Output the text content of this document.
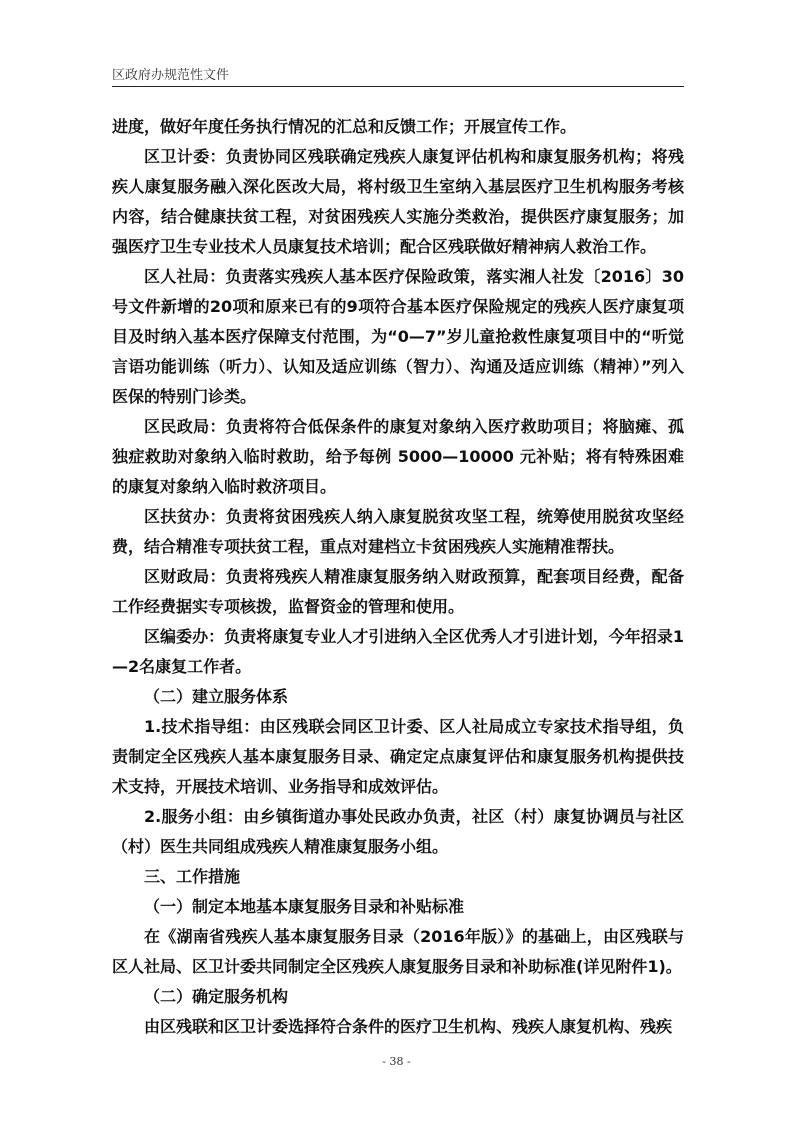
区政府办规范性文件

进度，做好年度任务执行情况的汇总和反馈工作；开展宣传工作。

区卫计委：负责协同区残联确定残疾人康复评估机构和康复服务机构；将残疾人康复服务融入深化医改大局，将村级卫生室纳入基层医疗卫生机构服务考核内容，结合健康扶贫工程，对贫困残疾人实施分类救治，提供医疗康复服务；加强医疗卫生专业技术人员康复技术培训；配合区残联做好精神病人救治工作。

区人社局：负责落实残疾人基本医疗保险政策，落实湘人社发〔2016〕30号文件新增的20项和原来已有的9项符合基本医疗保险规定的残疾人医疗康复项目及时纳入基本医疗保障支付范围，为“0—7”岁儿童抢救性康复项目中的“听觉言语功能训练（听力）、认知及适应训练（智力）、沟通及适应训练（精神）”列入医保的特别门诊类。

区民政局：负责将符合低保条件的康复对象纳入医疗救助项目；将脑瘫、孤独症救助对象纳入临时救助，给予每例 5000—10000 元补贴；将有特殊困难的康复对象纳入临时救济项目。

区扶贫办：负责将贫困残疾人纳入康复脱贫攻坚工程，统筹使用脱贫攻坚经费，结合精准专项扶贫工程，重点对建档立卡贫困残疾人实施精准帮扶。

区财政局：负责将残疾人精准康复服务纳入财政预算，配套项目经费，配备工作经费据实专项核拨，监督资金的管理和使用。

区编委办：负责将康复专业人才引进纳入全区优秀人才引进计划，今年招录1—2名康复工作者。

（二）建立服务体系

1.技术指导组：由区残联会同区卫计委、区人社局成立专家技术指导组，负责制定全区残疾人基本康复服务目录、确定定点康复评估和康复服务机构提供技术支持，开展技术培训、业务指导和成效评估。

2.服务小组：由乡镇街道办事处民政办负责，社区（村）康复协调员与社区（村）医生共同组成残疾人精准康复服务小组。

三、工作措施

（一）制定本地基本康复服务目录和补贴标准

在《湖南省残疾人基本康复服务目录（2016年版）》的基础上，由区残联与区人社局、区卫计委共同制定全区残疾人康复服务目录和补助标准(详见附件1)。

（二）确定服务机构

由区残联和区卫计委选择符合条件的医疗卫生机构、残疾人康复机构、残疾

- 38 -
